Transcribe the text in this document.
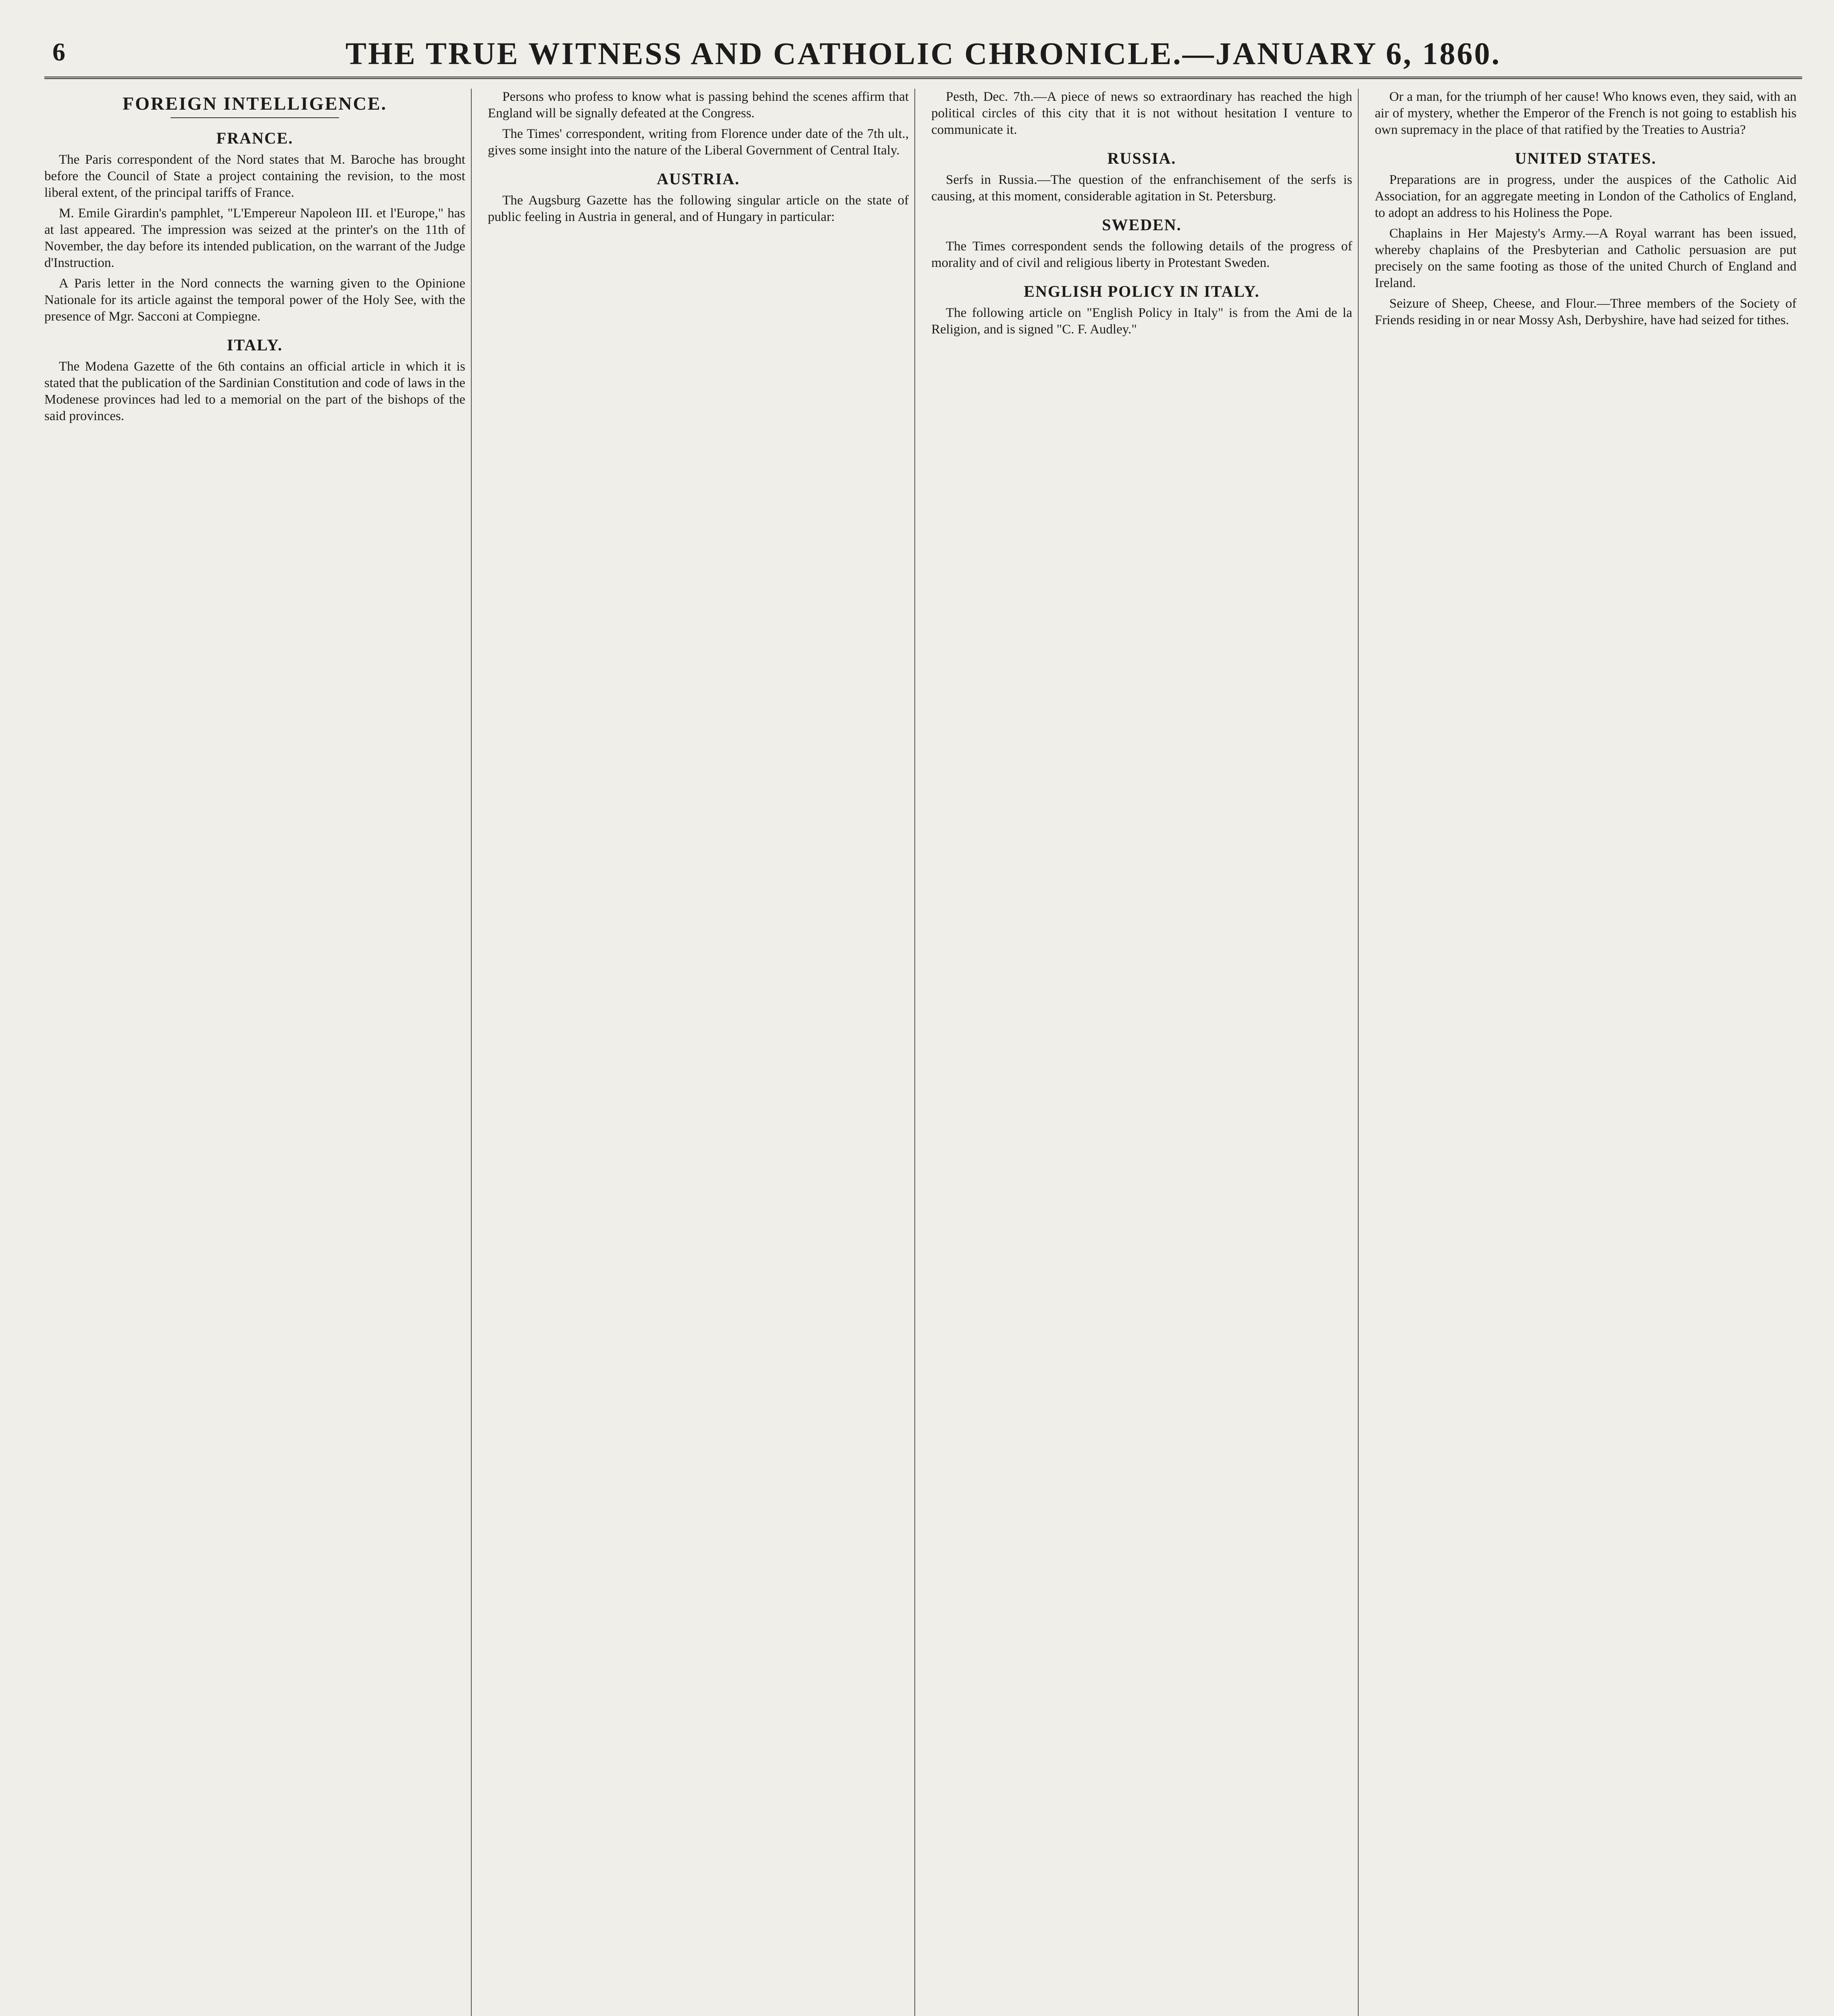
6	THE TRUE WITNESS AND CATHOLIC CHRONICLE.—JANUARY 6, 1860.
FOREIGN INTELLIGENCE.
FRANCE.

The Paris correspondent of the Nord states that M. Baroche has brought before the Council of State a project containing the revision, to the most liberal extent, of the principal tariffs of France.

M. Emile Girardin's pamphlet, "L'Empereur Napoleon III. et l'Europe," has at last appeared. The impression was seized at the printer's on the 11th of November, the day before its intended publication, on the warrant of the Judge d'Instruction.

A Paris letter in the Nord connects the warning given to the Opinione Nationale for its article against the temporal power of the Holy See, with the presence of Mgr. Sacconi at Compiegne.

ITALY.

The Modena Gazette of the 6th contains an official article in which it is stated that the publication of the Sardinian Constitution and code of laws in the Modenese provinces had led to a memorial on the part of the bishops of the said provinces.

Persons who profess to know what is passing behind the scenes affirm that England will be signally defeated at the Congress.

The Times' correspondent, writing from Florence under date of the 7th ult., gives some insight into the nature of the Liberal Government of Central Italy.

AUSTRIA.

The Augsburg Gazette has the following singular article on the state of public feeling in Austria in general, and of Hungary in particular:

Pesth, Dec. 7th.—A piece of news so extraordinary has reached the high political circles of this city that it is not without hesitation I venture to communicate it.

RUSSIA.

Serfs in Russia.—The question of the enfranchisement of the serfs is causing, at this moment, considerable agitation in St. Petersburg.

SWEDEN.

The Times correspondent sends the following details of the progress of morality and of civil and religious liberty in Protestant Sweden.

ENGLISH POLICY IN ITALY.

The following article on "English Policy in Italy" is from the Ami de la Religion, and is signed "C. F. Audley."

Or a man, for the triumph of her cause! Who knows even, they said, with an air of mystery, whether the Emperor of the French is not going to establish his own supremacy in the place of that ratified by the Treaties to Austria?

UNITED STATES.

Preparations are in progress, under the auspices of the Catholic Aid Association, for an aggregate meeting in London of the Catholics of England, to adopt an address to his Holiness the Pope.

Chaplains in Her Majesty's Army.—A Royal warrant has been issued, whereby chaplains of the Presbyterian and Catholic persuasion are put precisely on the same footing as those of the united Church of England and Ireland.

Seizure of Sheep, Cheese, and Flour.—Three members of the Society of Friends residing in or near Mossy Ash, Derbyshire, have had seized for tithes.
